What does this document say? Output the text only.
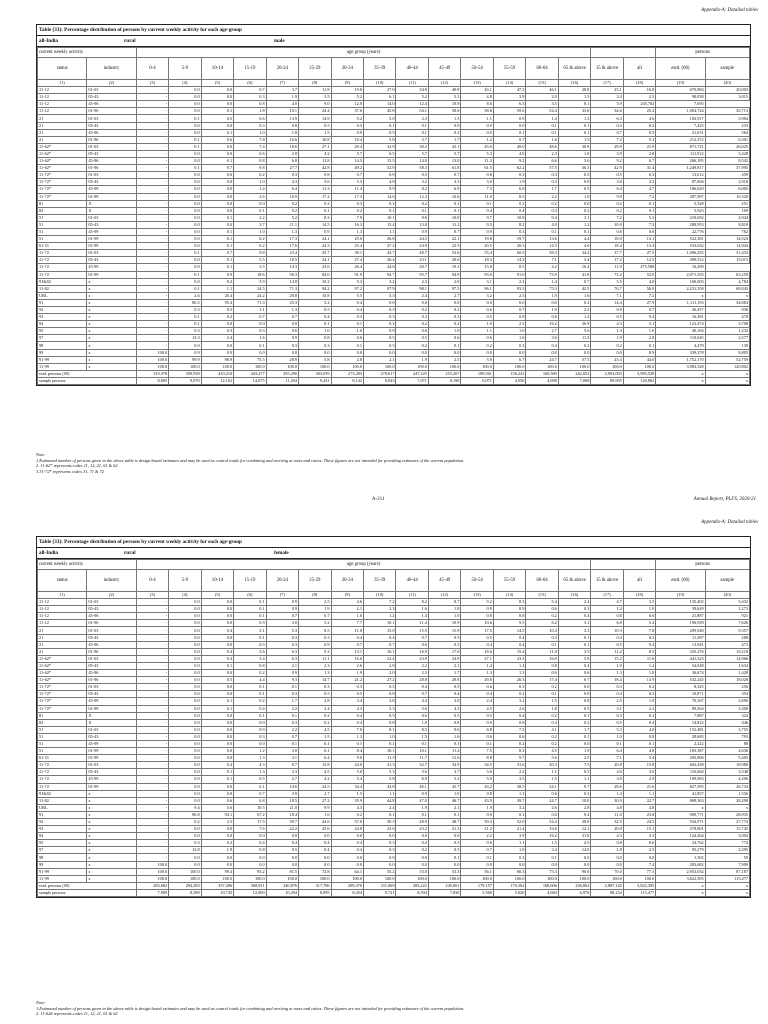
Appendix-A: Detailed tables
Table (33): Percentage distribution of persons by current weekly activity for each age-group
all-India	rural	male
current weekly activity		age group (years)																persons	
status	industry	0-4	5-9	10-14	15-19	20-24	25-29	30-34	35-39	40-44	45-49	50-54	55-59	60-64	65 & above	15 & above	all	estd. (00)	sample
(1)	(2)	(3)	(4)	(5)	(6)	(7)	(8)	(9)	(10)	(11)	(12)	(13)	(14)	(15)	(16)	(17)	(18)	(19)	(20)
11-12	01-03	-	0.0	0.0	0.7	3.7	11.8	19.8	27.0	34.9	40.8	43.1	47.3	46.1	28.8	23.1	16.8	670,984	20,003
11-12	05-43	-	0.0	0.0	0.3	1.9	3.5	5.2	6.1	5.2	5.3	4.8	3.9	2.0	1.5	3.4	2.5	98,038	3,015
11-12	45-96	-	0.0	0.0	0.8	4.0	9.0	12.0	14.0	12.4	10.9	8.6	6.3	3.5	8.1	5.9	235,702	7,695	
11-12	01-96	-	0.0	0.1	1.8	10.1	24.4	37.6	45.8	54.1	58.6	58.8	59.6	54.4	33.6	34.6	25.2	1,004,724	30,713
21	01-03	-	0.1	0.5	6.6	13.9	14.9	9.2	5.0	2.3	1.5	1.1	0.9	1.4	1.3	6.3	4.6	183,917	5,904
21	05-43	-	0.0	0.0	0.3	0.8	0.5	0.3	0.1	0.1	0.0	0.0	0.0	0.1	0.1	0.3	0.2	7,425	233
21	45-96	-	0.0	0.1	1.0	1.8	1.5	0.9	0.5	0.1	0.2	0.0	0.1	0.1	0.1	0.7	0.5	21,031	564
21	01-96	-	0.1	0.6	7.8	16.6	16.8	10.4	5.8	2.7	1.7	1.2	0.7	1.6	1.5	7.2	5.3	212,372	6,301
11-62*	01-03	-	0.1	0.6	7.4	18.6	27.1	29.4	32.9	38.2	43.1	45.0	49.0	48.6	30.9	29.9	21.9	871,721	26,025
11-62*	05-43	-	0.0	0.0	0.6	2.8	4.2	5.7	6.5	5.7	5.7	5.3	4.0	2.3	1.8	3.9	2.8	111,912	3,428
11-62*	45-96	-	0.0	0.1	0.8	6.0	11.8	14.5	15.5	14.0	13.0	11.3	9.2	6.6	3.6	9.2	6.7	266,185	8,542
11-62*	01-96	-	0.1	0.7	9.8	27.7	42.8	49.2	52.9	58.3	61.8	61.5	62.2	57.5	36.3	42.9	31.4	1,249,817	37,995
11-72*	01-03	-	0.0	0.0	0.2	0.3	0.8	0.7	0.9	0.5	0.7	0.8	0.3	0.3	0.5	0.5	0.3	13,612	459
11-72*	05-43	-	0.0	0.0	1.0	4.3	5.6	5.3	4.8	3.2	3.3	3.0	1.9	0.3	0.0	3.0	2.2	87,666	2,916
11-72*	45-99	-	0.0	0.0	1.4	6.4	11.3	11.4	9.9	8.2	6.9	7.3	6.0	1.7	0.5	6.4	4.7	186,629	6,005
11-72*	01-99	-	0.0	0.0	2.6	10.9	17.2	17.3	14.6	12.3	10.6	11.0	8.5	2.2	1.0	9.9	7.2	287,907	10,320
81	X	-	0.0	0.0	0.0	0.2	0.3	0.3	0.2	0.2	0.1	0.1	0.3	0.2	0.0	0.2	0.1	5,328	251
82	X	-	0.0	0.0	0.1	0.2	0.1	0.2	0.1	0.1	0.1	0.4	0.4	0.3	0.2	0.2	0.1	5,923	169
51	01-03	-	0.0	0.1	2.2	5.2	8.3	7.9	10.1	9.6	10.0	9.7	10.8	9.4	3.1	7.2	5.3	210,652	4,944
51	05-43	-	0.0	0.0	3.7	11.1	14.5	16.3	15.4	13.8	11.2	9.3	8.2	4.0	1.2	10.0	7.3	288,953	8,818
51	45-99	-	0.0	0.1	1.0	1.3	0.9	1.3	1.1	0.9	0.7	0.9	0.3	0.1	0.1	0.8	0.6	22,776	762
51	01-99	-	0.0	0.1	6.2	17.3	24.1	25.0	26.8	24.5	22.1	19.8	19.7	13.6	4.4	18.0	13.1	522,381	14,524
61-51	01-99	-	0.0	0.1	6.2	17.6	24.3	25.4	27.2	24.9	22.5	20.5	20.3	14.3	4.6	18.4	13.4	533,632	14,944
11-72	01-03	-	0.1	0.7	9.8	23.4	35.7	38.1	43.7	48.7	53.6	55.4	60.5	58.3	34.2	37.7	27.5	1,096,255	31,433
11-72	05-43	-	0.0	0.1	5.5	18.5	24.1	27.4	26.4	23.1	20.6	18.3	14.3	7.1	3.4	17.2	12.5	499,512	15,015
11-72	45-99	-	0.0	0.1	3.5	14.3	23.6	26.4	24.6	20.7	19.3	15.8	8.5	4.2	16.4	11.9	475,588	16,209	
11-72	01-99	-	0.1	0.9	18.6	56.3	84.0	91.9	94.7	95.7	94.9	93.0	91.0	73.9	41.8	71.2	52.0	2,071,355	63,259
91&82	x	-	0.0	0.2	5.9	14.8	10.2	5.3	3.2	2.3	2.0	3.1	2.3	1.4	0.7	5.5	4.0	160,003	4,784
11-82	x	-	0.1	1.1	24.5	71.3	94.2	97.2	97.9	98.1	97.5	96.1	93.3	75.3	42.5	76.7	56.0	2,231,358	68,043
URL	x	-	2.6	20.4	24.2	20.8	10.8	5.5	5.3	2.4	2.7	3.2	2.5	1.9	1.6	7.1	7.2	x	x
91	x	-	86.5	95.4	71.3	25.3	3.2	0.4	0.0	0.0	0.0	0.0	0.0	0.0	0.2	14.4	27.9	1,111,193	34,884
92	x	-	0.3	0.5	1.1	1.3	0.5	0.4	0.3	0.2	0.2	0.6	0.7	1.9	2.2	0.8	0.7	26,457	936
93	x	-	0.1	0.2	0.7	0.7	0.4	0.3	0.3	0.3	0.3	0.5	0.8	0.6	1.2	0.5	0.4	16,381	478
94	x	-	0.1	0.0	0.0	0.0	0.1	0.1	0.2	0.2	0.2	1.0	2.5	16.2	36.9	4.3	3.1	123,474	3,708
95	x	-	0.3	0.3	0.3	0.6	1.0	1.0	0.9	0.6	1.0	1.1	1.0	2.7	5.6	1.3	1.0	40,164	1,232
97	x	-	13.3	2.4	1.6	0.9	0.8	0.6	0.5	0.5	0.6	0.6	1.6	3.6	11.3	1.9	2.8	110,645	2,577
98	x	-	0.0	0.0	0.1	0.3	0.3	0.1	0.3	0.2	0.1	0.2	0.3	0.4	0.2	0.2	0.1	4,479	139
99	x	100.0	0.9	0.0	0.0	0.0	0.0	0.0	0.0	0.0	0.0	0.0	0.0	0.0	0.0	0.0	8.9	339,378	8,805
91-99	x	100.0	99.9	98.9	75.5	28.9	5.8	2.8	2.1	1.9	2.5	3.9	6.7	24.7	57.5	23.3	44.0	1,752,170	52,759
11-99	x	100.0	100.0	100.0	100.0	100.0	100.0	100.0	100.0	100.0	100.0	100.0	100.0	100.0	100.0	100.0	100.0	3,983,528	120,802
estd. persons (00)		319,378	350,939	410,210	443,277	355,290	303,059	273,283	278,617	247,225	253,207	189,561	156,241	160,580	242,652	2,903,003	3,983,528	x	x
sample persons		8,805	9,870	12,162	14,075	11,434	9,421	8,142	8,043	7,071	8,190	6,071	4,956	4,698	7,068	89,905	120,802	x	x
Note:
1.Estimated number of persons given in the above table is design based estimates and may be used as control totals for combining and arriving at rates and ratios. These figures are not intended for providing estimates of the current population.
2. 11-62* represents codes 11, 12, 21, 61 & 62
3.31-72* represents codes 31, 71 & 72
A-211	Annual Report, PLFS, 2020-21
Appendix-A: Detailed tables
Table (33): Percentage distribution of persons by current weekly activity for each age-group
all-India	rural	female
current weekly activity		age group (years)																persons	
status	industry	0-4	5-9	10-14	15-19	20-24	25-29	30-34	35-39	40-44	45-49	50-54	55-59	60-64	65 & above	15 & above	all	estd. (00)	sample
(1)	(2)	(3)	(4)	(5)	(6)	(7)	(8)	(9)	(10)	(11)	(12)	(13)	(14)	(15)	(16)	(17)	(18)	(19)	(20)
11-12	01-03	-	0.0	0.0	0.1	0.9	2.5	4.6	7.2	8.2	8.7	9.2	8.3	5.4	2.4	4.7	3.5	135,402	5,432
11-12	05-43	-	0.0	0.0	0.1	0.9	1.9	2.1	2.3	1.6	1.8	0.9	0.9	0.6	0.3	1.4	1.0	39,649	1,273
11-12	45-96	-	0.0	0.0	0.1	0.7	0.7	1.0	1.2	1.4	1.0	0.8	0.8	0.2	0.4	0.8	0.6	21,887	921
11-12	01-96	-	0.0	0.0	0.3	3.0	5.2	7.7	10.1	11.4	10.9	10.6	9.5	6.2	3.1	6.8	5.2	196,939	7,626
21	01-03	-	0.0	0.4	3.1	5.3	8.5	11.8	15.0	15.5	15.9	17.5	14.5	10.4	3.3	10.3	7.8	299,948	9,357
21	05-43	-	0.0	0.0	0.1	0.3	0.3	0.4	0.4	0.7	0.5	0.5	0.4	0.3	0.1	0.4	0.3	11,387	288
21	45-96	-	0.0	0.0	0.3	0.3	0.9	0.7	0.7	0.6	0.5	0.4	0.4	0.1	0.1	0.5	0.4	13,941	473
21	01-96	-	0.0	0.4	3.6	6.3	9.3	13.1	16.1	16.9	17.0	18.6	15.4	11.0	3.5	11.2	8.5	325,276	10,118
11-62*	01-03	-	0.0	0.4	3.4	6.3	11.1	16.6	22.4	23.9	24.9	27.1	23.3	16.0	5.8	15.2	11.6	441,523	14,966
11-62*	05-43	-	0.0	0.1	0.8	2.1	2.3	2.6	2.8	2.2	2.1	1.4	1.4	0.8	0.4	1.9	1.4	54,048	1,634
11-62*	45-96	-	0.0	0.0	0.2	0.9	1.3	1.9	2.0	2.3	1.7	1.3	1.3	0.6	0.6	1.3	1.0	36,674	1,428
11-62*	01-96	-	0.0	0.5	4.4	9.3	14.7	21.2	27.2	28.8	28.8	29.8	26.3	17.4	6.7	18.4	13.9	532,245	18,028
11-72*	01-03	-	0.0	0.0	0.1	0.1	0.3	0.3	0.5	0.4	0.5	0.6	0.3	0.2	0.0	0.3	0.2	8,325	256
11-72*	05-43	-	0.0	0.0	0.1	0.3	0.5	0.5	0.8	0.7	0.4	0.4	0.2	0.1	0.0	0.4	0.3	10,871	354
11-72*	45-99	-	0.0	0.1	0.2	1.7	2.8	3.4	3.8	4.4	3.0	2.4	3.2	1.5	0.8	2.5	1.9	70,167	2,690
11-72*	01-99	-	0.0	0.1	0.4	2.2	3.4	4.3	5.3	5.6	4.3	4.5	2.6	1.8	0.5	3.1	2.3	89,364	3,300
81	X	-	0.0	0.0	0.1	0.1	0.2	0.4	0.5	0.6	0.5	0.5	0.4	0.2	0.1	0.3	0.2	7,887	324
82	X	-	0.0	0.0	0.0	0.3	0.2	0.4	0.8	1.0	0.8	0.9	0.8	0.4	0.2	0.5	0.4	14,822	446
51	01-03	-	0.0	0.0	0.9	2.2	4.5	7.0	8.1	8.5	9.6	6.8	7.5	4.1	1.7	5.3	4.0	152,481	3,755
51	05-43	-	0.0	0.0	0.3	0.7	1.5	1.3	1.0	1.5	1.6	0.6	0.6	0.2	0.1	1.0	0.8	28,685	793
51	45-99	-	0.0	0.0	0.0	0.1	0.1	0.1	0.1	0.1	0.1	0.1	0.2	0.2	0.0	0.1	0.1	2,222	88
51	01-99	-	0.0	0.0	1.2	3.0	6.1	8.4	10.1	10.1	11.2	7.5	8.3	4.5	1.9	6.4	4.8	183,387	4,636
61-51	01-99	-	0.0	0.0	1.3	3.1	6.4	9.0	11.3	11.7	12.6	8.8	9.7	5.6	2.5	7.1	5.4	205,806	5,405
11-72	01-03	-	0.0	0.4	4.3	8.7	15.8	24.0	31.3	32.7	34.9	34.5	31.6	20.3	7.5	20.8	15.8	602,438	18,980
11-72	05-43	-	0.0	0.1	1.3	3.3	4.5	5.0	5.3	5.6	3.7	3.6	2.2	1.1	0.5	4.0	3.0	116,664	3,548
11-72	45-99	-	0.0	0.1	0.5	2.7	4.2	5.4	5.8	6.9	5.2	5.0	3.5	1.5	1.1	3.8	2.9	109,063	4,206
11-72	01-99	-	0.0	0.6	6.1	14.6	24.5	34.4	43.8	46.1	45.7	43.2	38.5	24.1	9.7	28.6	21.6	827,595	26,734
91&82	x	-	0.0	0.0	0.7	3.9	2.7	1.5	1.1	0.9	1.0	0.8	1.3	0.6	0.3	1.4	1.1	41,857	1,556
11-82	x	-	0.0	0.6	6.8	18.5	27.2	35.9	44.8	47.0	46.7	43.9	39.7	24.7	10.0	30.0	22.7	869,363	28,290
URL	x	-	9.4	5.6	10.5	21.0	9.9	4.3	2.4	1.9	2.1	1.9	3.2	2.6	2.8	4.8	4.8	x	x
91	x	-	86.8	94.1	67.2	18.4	1.6	0.2	0.1	0.1	0.1	0.0	0.1	0.0	0.4	11.0	23.8	909,771	28,935
92	x	-	0.2	2.5	17.3	39.7	44.6	57.6	50.3	48.9	48.7	50.3	52.0	54.4	28.0	32.5	24.5	934,971	27,774
93	x	-	0.0	0.0	7.6	22.2	25.6	24.8	23.6	23.2	21.3	21.2	21.4	19.6	12.1	20.0	15.1	578,801	15,745
94	x	-	0.0	0.0	0.0	0.0	0.0	0.0	0.0	0.0	0.0	2.2	3.9	16.2	31.0	4.3	3.3	124,264	3,092
95	x	-	0.3	0.2	0.4	0.4	0.4	0.4	0.3	0.4	0.3	0.6	1.1	1.5	4.5	0.8	0.6	24,762	774
97	x	-	12.8	1.9	0.8	0.5	0.4	0.4	0.3	0.2	0.3	0.7	1.0	3.4	14.0	1.8	2.5	95,279	2,295
98	x	-	0.0	0.0	0.0	0.0	0.0	0.0	0.0	0.0	0.1	0.1	0.3	0.1	0.0	0.0	0.0	1,502	59
99	x	100.0	0.0	0.0	0.0	0.0	0.0	0.0	0.0	0.0	0.0	0.0	0.0	0.0	0.0	0.0	7.4	283,682	7,909
91-99	x	100.0	100.0	99.4	93.2	81.5	72.8	64.1	55.2	53.0	53.3	56.1	60.3	75.3	90.0	70.0	77.3	2,953,032	87,187
11-99	x	100.0	100.0	100.0	100.0	100.0	100.0	100.0	100.0	100.0	100.0	100.0	100.0	100.0	100.0	100.0	100.0	3,822,395	115,477
estd. persons (00)		283,682	294,283	357,286	368,931	340,876	317,706	289,376	311,069	283,222	245,001	179,157	170,362	168,606	236,862	2,887,142	3,822,395	x	x
sample persons		7,909	8,589	10,745	12,000	10,294	8,995	8,454	9,721	8,594	7,830	5,560	5,020	4,684	6,976	88,234	115,477	x	x
Note:
1.Estimated number of persons given in the above table is design based estimates and may be used as control totals for combining and arriving at rates and ratios. These figures are not intended for providing estimates of the current population.
2. 11-62# represents codes 11, 12, 21, 61 & 62
